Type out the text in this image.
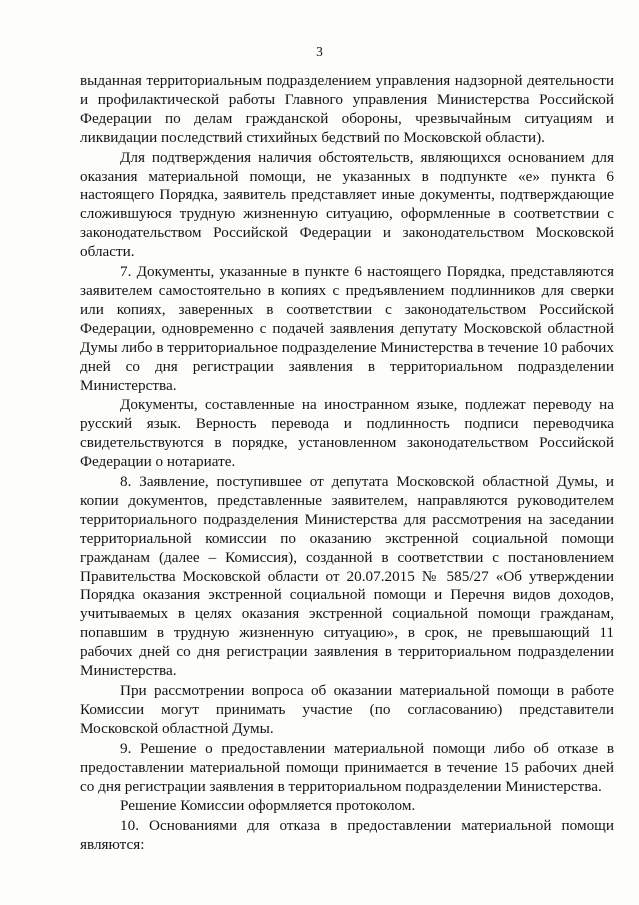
3

выданная территориальным подразделением управления надзорной деятельности и профилактической работы Главного управления Министерства Российской Федерации по делам гражданской обороны, чрезвычайным ситуациям и ликвидации последствий стихийных бедствий по Московской области).

Для подтверждения наличия обстоятельств, являющихся основанием для оказания материальной помощи, не указанных в подпункте «е» пункта 6 настоящего Порядка, заявитель представляет иные документы, подтверждающие сложившуюся трудную жизненную ситуацию, оформленные в соответствии с законодательством Российской Федерации и законодательством Московской области.

7. Документы, указанные в пункте 6 настоящего Порядка, представляются заявителем самостоятельно в копиях с предъявлением подлинников для сверки или копиях, заверенных в соответствии с законодательством Российской Федерации, одновременно с подачей заявления депутату Московской областной Думы либо в территориальное подразделение Министерства в течение 10 рабочих дней со дня регистрации заявления в территориальном подразделении Министерства.

Документы, составленные на иностранном языке, подлежат переводу на русский язык. Верность перевода и подлинность подписи переводчика свидетельствуются в порядке, установленном законодательством Российской Федерации о нотариате.

8. Заявление, поступившее от депутата Московской областной Думы, и копии документов, представленные заявителем, направляются руководителем территориального подразделения Министерства для рассмотрения на заседании территориальной комиссии по оказанию экстренной социальной помощи гражданам (далее – Комиссия), созданной в соответствии с постановлением Правительства Московской области от 20.07.2015 № 585/27 «Об утверждении Порядка оказания экстренной социальной помощи и Перечня видов доходов, учитываемых в целях оказания экстренной социальной помощи гражданам, попавшим в трудную жизненную ситуацию», в срок, не превышающий 11 рабочих дней со дня регистрации заявления в территориальном подразделении Министерства.

При рассмотрении вопроса об оказании материальной помощи в работе Комиссии могут принимать участие (по согласованию) представители Московской областной Думы.

9. Решение о предоставлении материальной помощи либо об отказе в предоставлении материальной помощи принимается в течение 15 рабочих дней со дня регистрации заявления в территориальном подразделении Министерства.

Решение Комиссии оформляется протоколом.

10. Основаниями для отказа в предоставлении материальной помощи являются:
